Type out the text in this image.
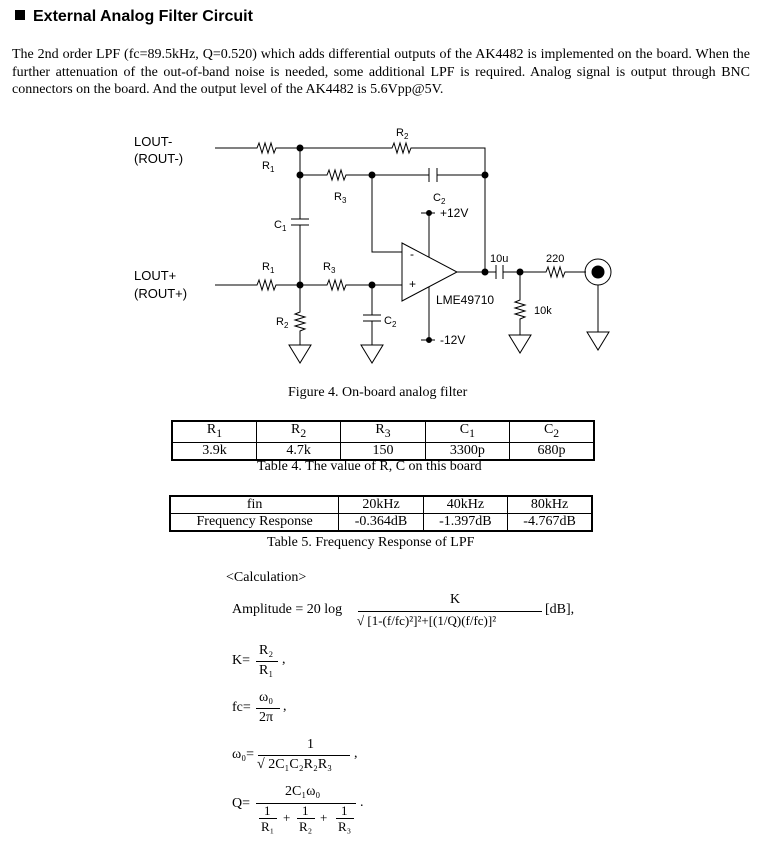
External Analog Filter Circuit
The 2nd order LPF (fc=89.5kHz, Q=0.520) which adds differential outputs of the AK4482 is implemented on the board. When the further attenuation of the out-of-band noise is needed, some additional LPF is required. Analog signal is output through BNC connectors on the board. And the output level of the AK4482 is 5.6Vpp@5V.
LOUT-
(ROUT-)
LOUT+
(ROUT+)
$R_1$
$R_2$
$C_1$
$R_3$	$C_2$
-
+
LME49710
+12V
-12V
10u	220
10k
$R_1$	$R_3$
$R_2$	$C_2$
Figure 4. On-board analog filter
$R_1$	$R_2$	$R_3$	$C_1$	$C_2$
3.9k	4.7k	150	3300p	680p
Table 4. The value of R, C on this board
fin	20kHz	40kHz	80kHz
Frequency Response	-0.364dB	-1.397dB	-4.767dB
Table 5. Frequency Response of LPF
<Calculation>
Amplitude = 20 log
K
√ [1-(f/fc)²]²+[(1/Q)(f/fc)]²
[dB],
K=
R₂
R₁
,
fc=
ω₀
2π
,
ω₀=
1
√ 2C₁C₂R₂R₃
,
Q=
2C₁ω₀
1
R₁
+ 1
R₂
+ 1
R₃
.
